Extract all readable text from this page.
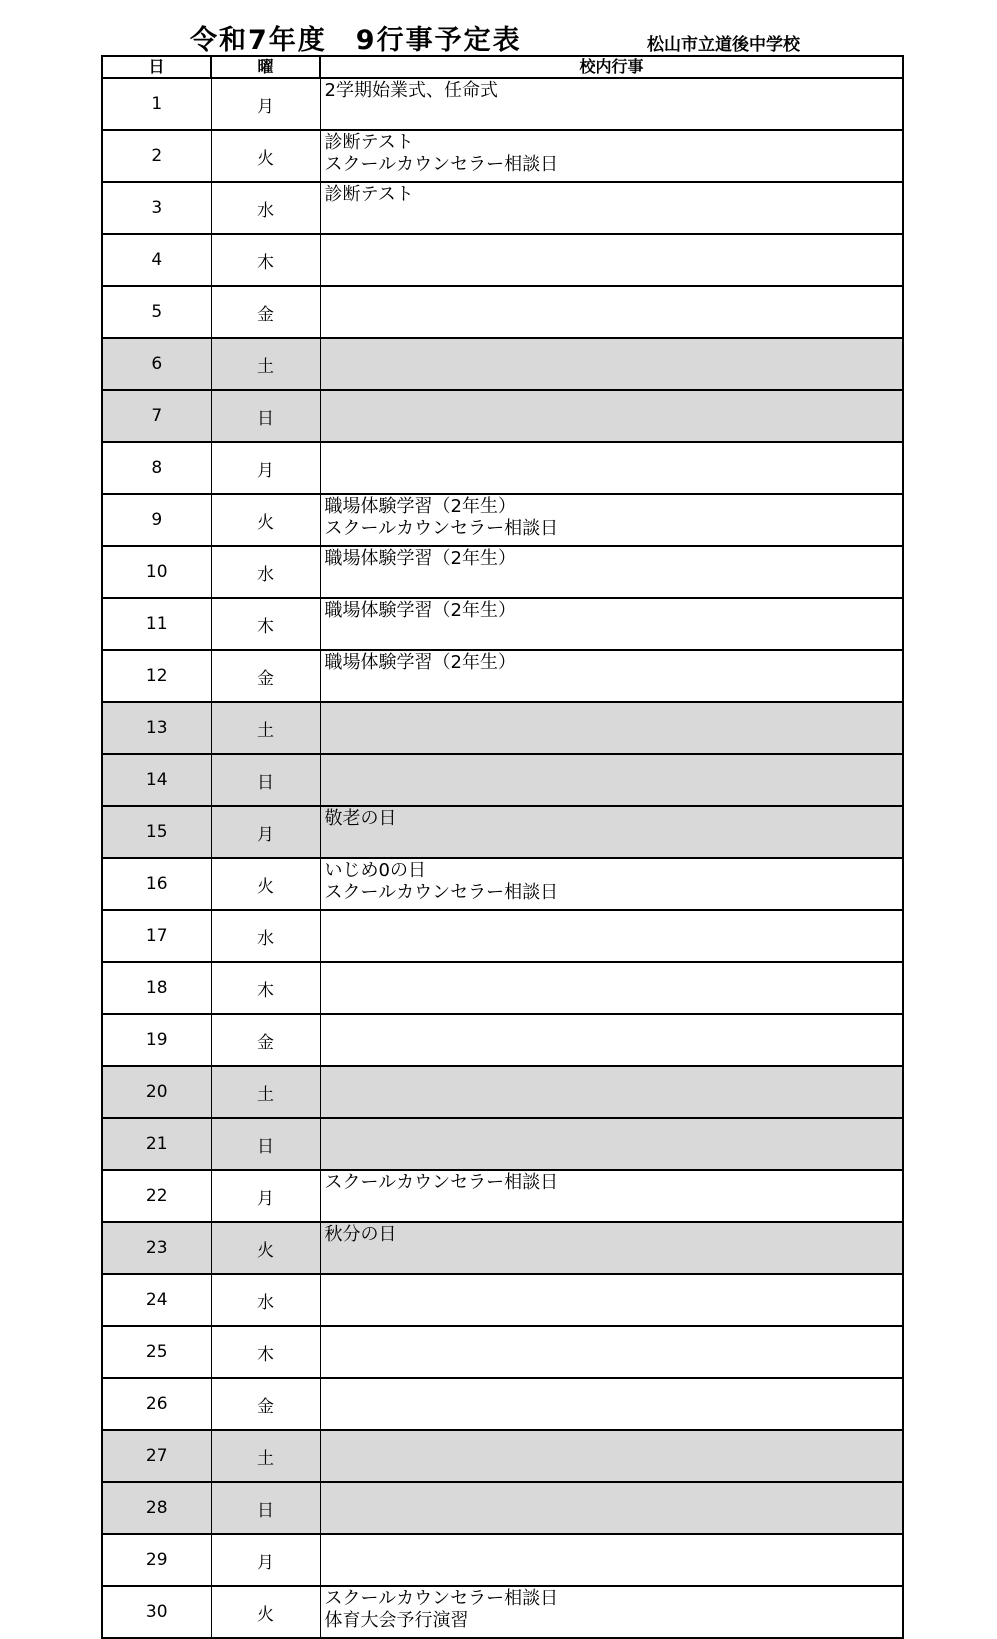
令和7年度　9行事予定表	松山市立道後中学校
日	曜	校内行事
1	月	2学期始業式、任命式

2	火	診断テスト
スクールカウンセラー相談日

3	水	診断テスト

4	木	
5	金	
6	土	
7	日	
8	月	
9	火	職場体験学習（2年生）
スクールカウンセラー相談日

10	水	職場体験学習（2年生）

11	木	職場体験学習（2年生）

12	金	職場体験学習（2年生）

13	土	
14	日	
15	月	敬老の日

16	火	いじめ0の日
スクールカウンセラー相談日

17	水	
18	木	
19	金	
20	土	
21	日	
22	月	スクールカウンセラー相談日

23	火	秋分の日

24	水	
25	木	
26	金	
27	土	
28	日	
29	月	
30	火	スクールカウンセラー相談日
体育大会予行演習
